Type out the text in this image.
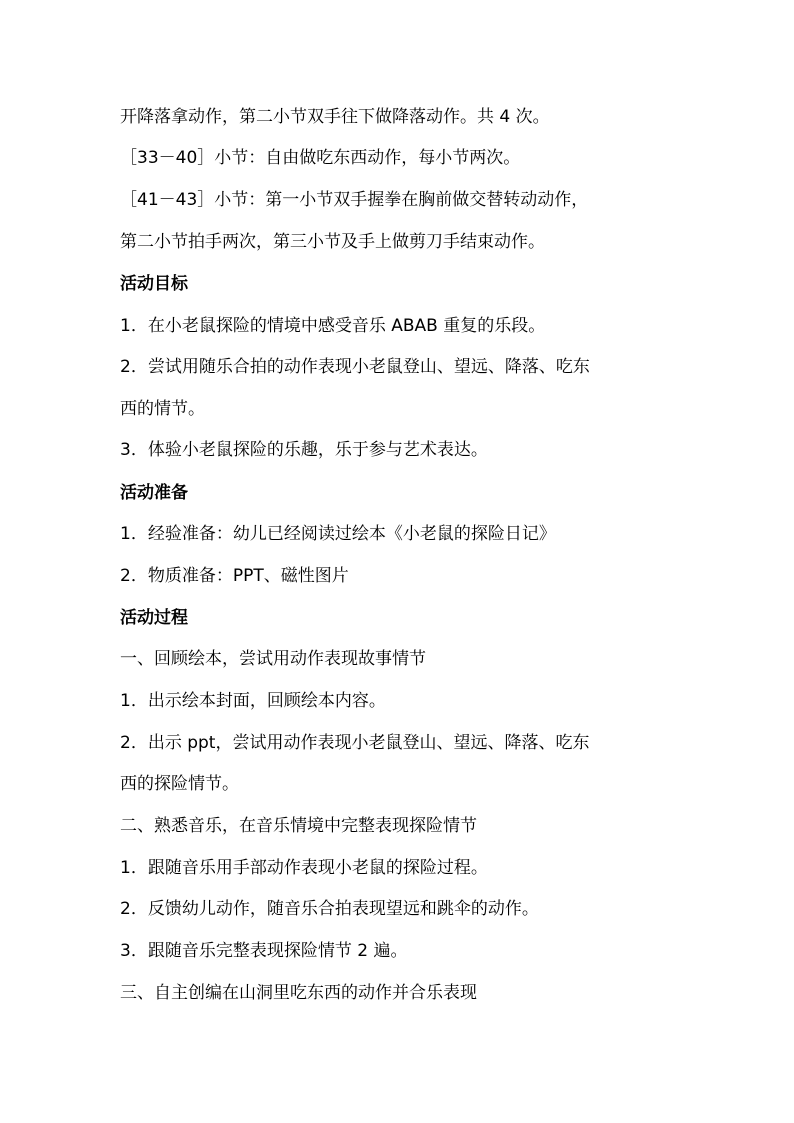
开降落拿动作，第二小节双手往下做降落动作。共 4 次。
［33－40］小节：自由做吃东西动作，每小节两次。
［41－43］小节：第一小节双手握拳在胸前做交替转动动作，
第二小节拍手两次，第三小节及手上做剪刀手结束动作。
活动目标
1．在小老鼠探险的情境中感受音乐 ABAB 重复的乐段。
2．尝试用随乐合拍的动作表现小老鼠登山、望远、降落、吃东
西的情节。
3．体验小老鼠探险的乐趣，乐于参与艺术表达。
活动准备
1．经验准备：幼儿已经阅读过绘本《小老鼠的探险日记》
2．物质准备：PPT、磁性图片
活动过程
一、回顾绘本，尝试用动作表现故事情节
1．出示绘本封面，回顾绘本内容。
2．出示 ppt，尝试用动作表现小老鼠登山、望远、降落、吃东
西的探险情节。
二、熟悉音乐，在音乐情境中完整表现探险情节
1．跟随音乐用手部动作表现小老鼠的探险过程。
2．反馈幼儿动作，随音乐合拍表现望远和跳伞的动作。
3．跟随音乐完整表现探险情节 2 遍。
三、自主创编在山洞里吃东西的动作并合乐表现
